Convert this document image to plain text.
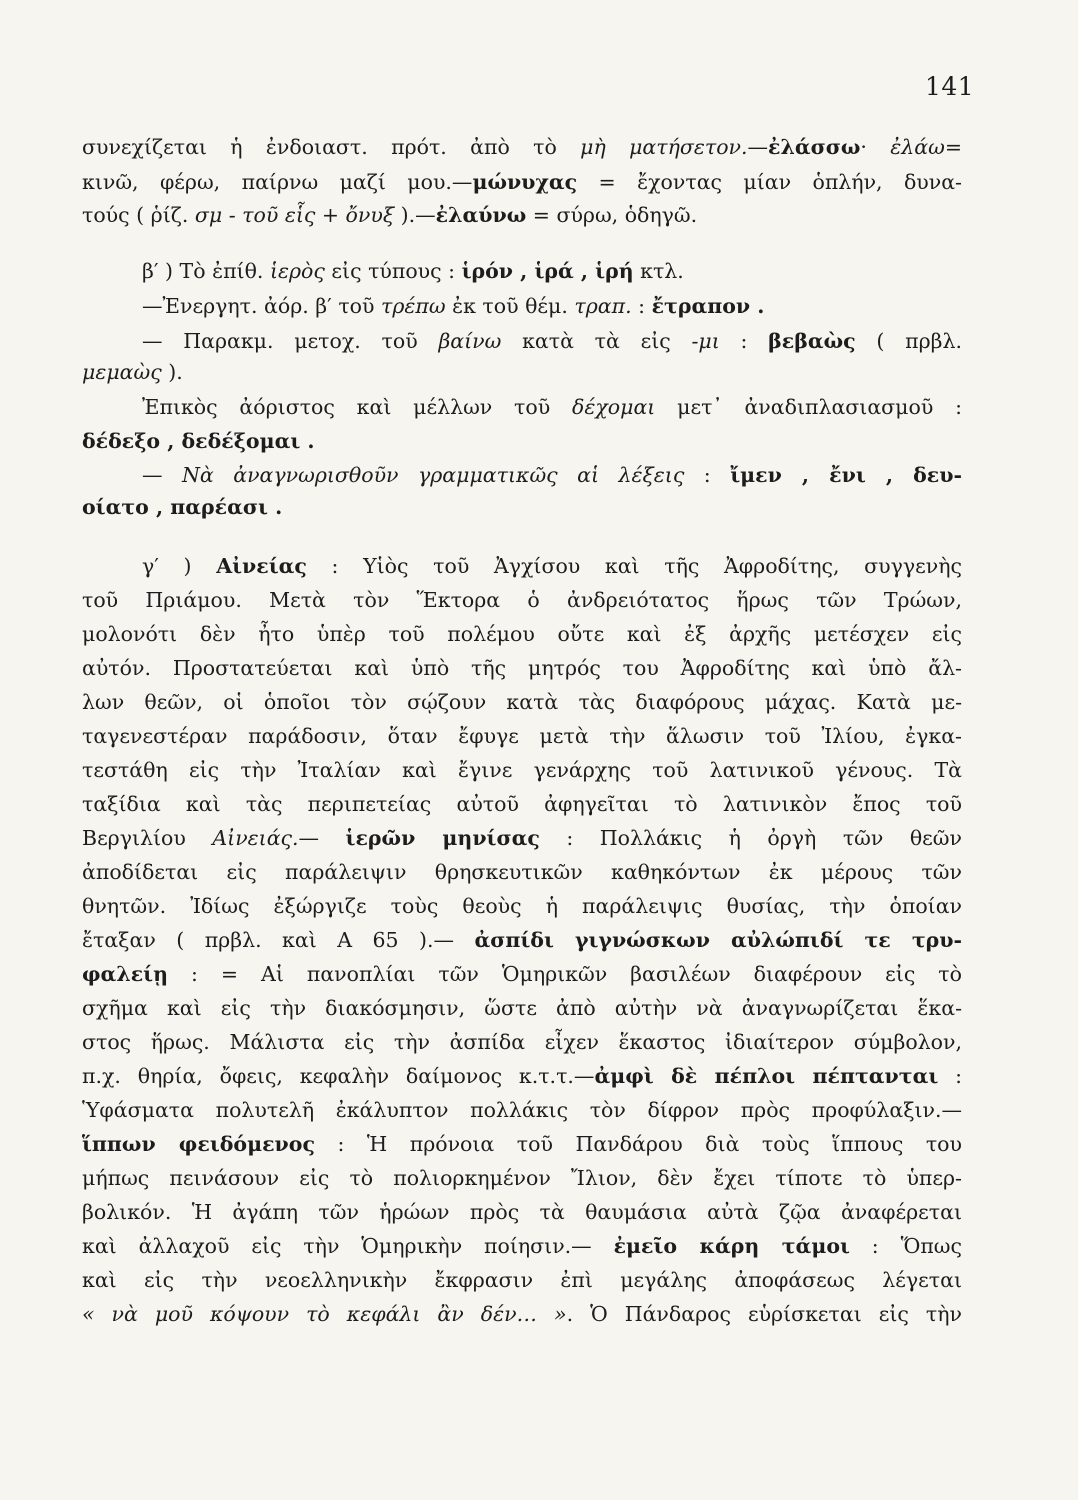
141
συνεχίζεται ἡ ἐνδοιαστ. πρότ. ἀπὸ τὸ μὴ ματήσετον.—ἐλάσσω· ἐλάω=
κινῶ, φέρω, παίρνω μαζί μου.—μώνυχας = ἔχοντας μίαν ὁπλήν, δυνα-
τούς ( ῥίζ. σμ - τοῦ εἷς + ὄνυξ ).—ἐλαύνω = σύρω, ὁδηγῶ.
β′ ) Τὸ ἐπίθ. ἱερὸς εἰς τύπους : ἱρόν , ἱρά , ἱρή κτλ.
—Ἐνεργητ. ἀόρ. β′ τοῦ τρέπω ἐκ τοῦ θέμ. τραπ. : ἔτραπον .
— Παρακμ. μετοχ. τοῦ βαίνω κατὰ τὰ εἰς -μι : βεβαὼς ( πρβλ.
μεμαὼς ).
Ἐπικὸς ἀόριστος καὶ μέλλων τοῦ δέχομαι μετ᾽ ἀναδιπλασιασμοῦ :
δέδεξο , δεδέξομαι .
— Νὰ ἀναγνωρισθοῦν γραμματικῶς αἱ λέξεις : ἴμεν , ἔνι , δευ-
οίατο , παρέασι .
γ′ ) Αἰνείας : Υἱὸς τοῦ Ἀγχίσου καὶ τῆς Ἀφροδίτης, συγγενὴς
τοῦ Πριάμου. Μετὰ τὸν Ἕκτορα ὁ ἀνδρειότατος ἥρως τῶν Τρώων,
μολονότι δὲν ἦτο ὑπὲρ τοῦ πολέμου οὔτε καὶ ἐξ ἀρχῆς μετέσχεν εἰς
αὐτόν. Προστατεύεται καὶ ὑπὸ τῆς μητρός του Ἀφροδίτης καὶ ὑπὸ ἄλ-
λων θεῶν, οἱ ὁποῖοι τὸν σῴζουν κατὰ τὰς διαφόρους μάχας. Κατὰ με-
ταγενεστέραν παράδοσιν, ὅταν ἔφυγε μετὰ τὴν ἅλωσιν τοῦ Ἰλίου, ἐγκα-
τεστάθη εἰς τὴν Ἰταλίαν καὶ ἔγινε γενάρχης τοῦ λατινικοῦ γένους. Τὰ
ταξίδια καὶ τὰς περιπετείας αὐτοῦ ἀφηγεῖται τὸ λατινικὸν ἔπος τοῦ
Βεργιλίου Αἰνειάς.— ἱερῶν μηνίσας : Πολλάκις ἡ ὀργὴ τῶν θεῶν
ἀποδίδεται εἰς παράλειψιν θρησκευτικῶν καθηκόντων ἐκ μέρους τῶν
θνητῶν. Ἰδίως ἐξώργιζε τοὺς θεοὺς ἡ παράλειψις θυσίας, τὴν ὁποίαν
ἔταξαν ( πρβλ. καὶ Α 65 ).— ἀσπίδι γιγνώσκων αὐλώπιδί τε τρυ-
φαλείῃ : = Αἱ πανοπλίαι τῶν Ὁμηρικῶν βασιλέων διαφέρουν εἰς τὸ
σχῆμα καὶ εἰς τὴν διακόσμησιν, ὥστε ἀπὸ αὐτὴν νὰ ἀναγνωρίζεται ἕκα-
στος ἥρως. Μάλιστα εἰς τὴν ἀσπίδα εἶχεν ἕκαστος ἰδιαίτερον σύμβολον,
π.χ. θηρία, ὄφεις, κεφαλὴν δαίμονος κ.τ.τ.—ἀμφὶ δὲ πέπλοι πέπτανται :
Ὑφάσματα πολυτελῆ ἐκάλυπτον πολλάκις τὸν δίφρον πρὸς προφύλαξιν.—
ἵππων φειδόμενος : Ἡ πρόνοια τοῦ Πανδάρου διὰ τοὺς ἵππους του
μήπως πεινάσουν εἰς τὸ πολιορκημένον Ἴλιον, δὲν ἔχει τίποτε τὸ ὑπερ-
βολικόν. Ἡ ἀγάπη τῶν ἡρώων πρὸς τὰ θαυμάσια αὐτὰ ζῷα ἀναφέρεται
καὶ ἀλλαχοῦ εἰς τὴν Ὁμηρικὴν ποίησιν.— ἐμεῖο κάρη τάμοι : Ὅπως
καὶ εἰς τὴν νεοελληνικὴν ἔκφρασιν ἐπὶ μεγάλης ἀποφάσεως λέγεται
« νὰ μοῦ κόψουν τὸ κεφάλι ἂν δέν… ». Ὁ Πάνδαρος εὑρίσκεται εἰς τὴν
